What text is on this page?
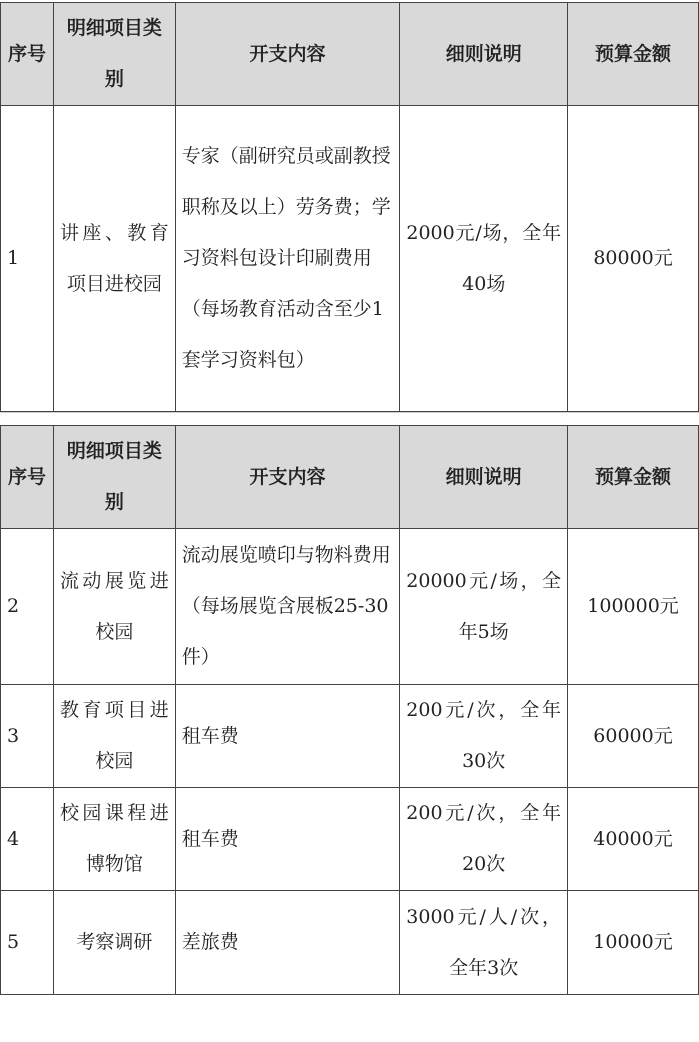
序号	明细项目类别	开支内容	细则说明	预算金额
1	讲座、教育项目进校园	专家（副研究员或副教授职称及以上）劳务费；学习资料包设计印刷费用（每场教育活动含至少1套学习资料包）	2000元/场，全年40场	80000元
序号	明细项目类别	开支内容	细则说明	预算金额
2	流动展览进校园	流动展览喷印与物料费用（每场展览含展板25-30件）	20000元/场，全年5场	100000元
3	教育项目进校园	租车费	200元/次，全年30次	60000元
4	校园课程进博物馆	租车费	200元/次，全年20次	40000元
5	考察调研	差旅费	3000元/人/次，全年3次	10000元
